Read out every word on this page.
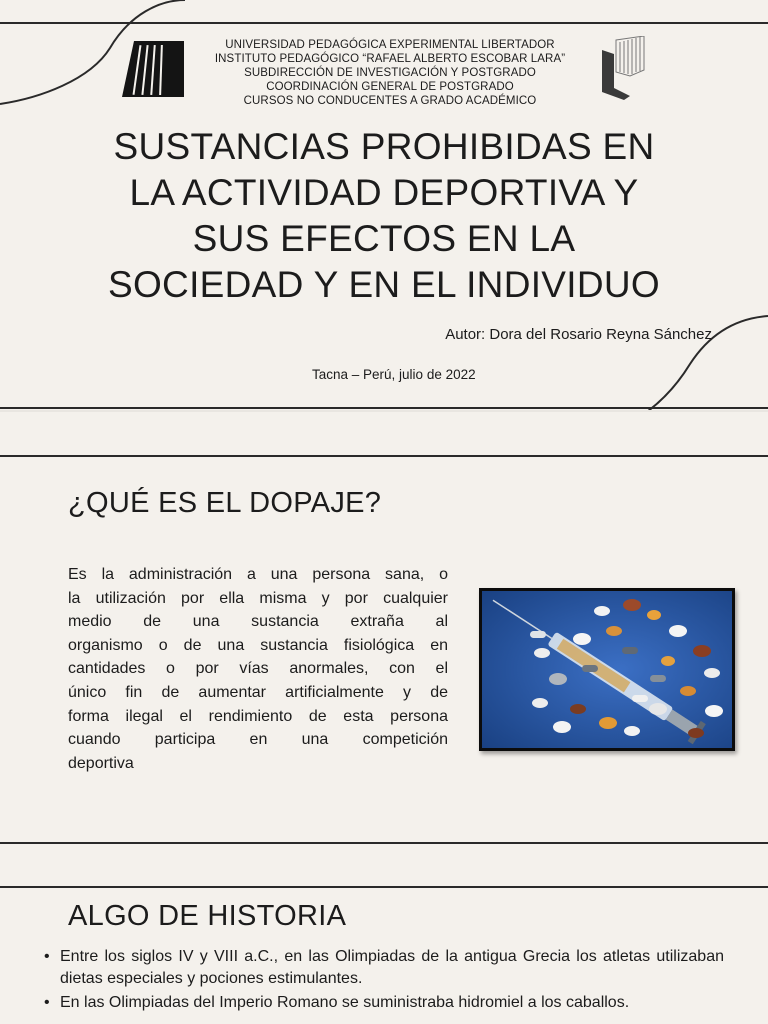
UNIVERSIDAD PEDAGÓGICA EXPERIMENTAL LIBERTADOR
INSTITUTO PEDAGÓGICO “RAFAEL ALBERTO ESCOBAR LARA”
SUBDIRECCIÓN DE INVESTIGACIÓN Y POSTGRADO
COORDINACIÓN GENERAL DE POSTGRADO
CURSOS NO CONDUCENTES A GRADO ACADÉMICO
SUSTANCIAS PROHIBIDAS EN
LA ACTIVIDAD DEPORTIVA Y
SUS EFECTOS EN LA
SOCIEDAD Y EN EL INDIVIDUO
Autor: Dora del Rosario Reyna Sánchez
Tacna – Perú, julio de 2022
¿QUÉ ES EL DOPAJE?
Es la administración a una persona sana, o
la utilización por ella misma y por cualquier
medio de una sustancia extraña al
organismo o de una sustancia fisiológica en
cantidades o por vías anormales, con el
único fin de aumentar artificialmente y de
forma ilegal el rendimiento de esta persona
cuando participa en una competición
deportiva
ALGO DE HISTORIA
• Entre los siglos IV y VIII a.C., en las Olimpiadas de la antigua Grecia los atletas utilizaban dietas especiales y pociones estimulantes.
• En las Olimpiadas del Imperio Romano se suministraba hidromiel a los caballos.
